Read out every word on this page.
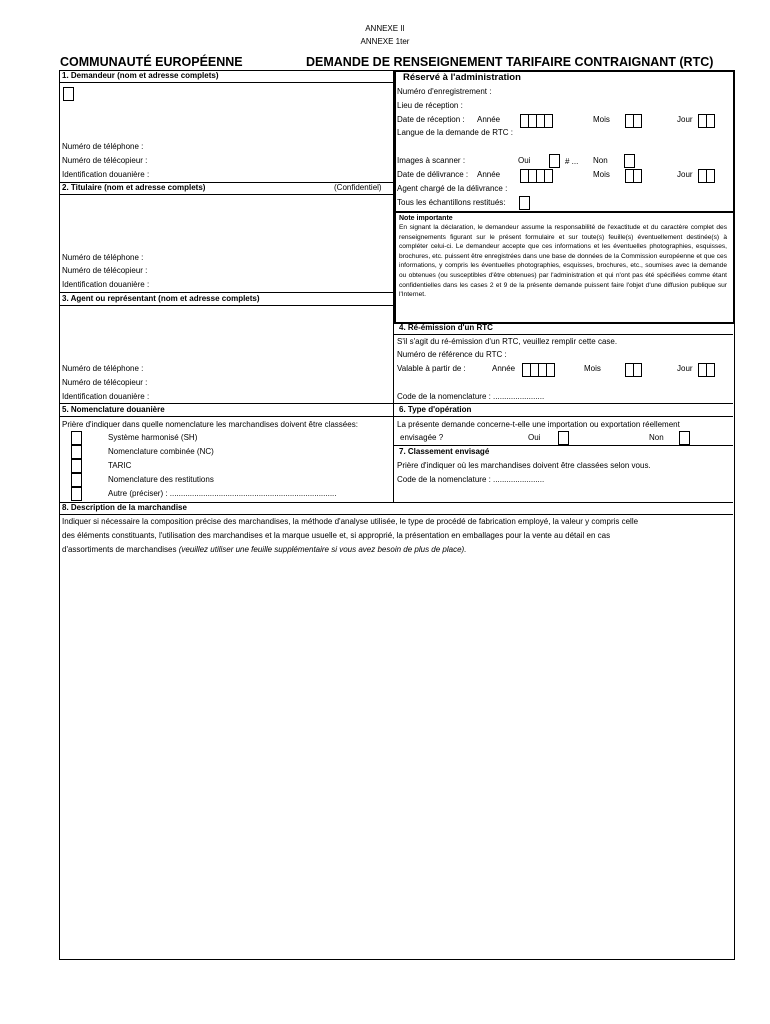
ANNEXE II
ANNEXE 1ter
COMMUNAUTÉ EUROPÉENNE	DEMANDE DE RENSEIGNEMENT TARIFAIRE CONTRAIGNANT (RTC)
1. Demandeur (nom et adresse complets)
Numéro de téléphone :
Numéro de télécopieur :
Identification douanière :
2. Titulaire (nom et adresse complets)	(Confidentiel)
Numéro de téléphone :
Numéro de télécopieur :
Identification douanière :
3. Agent ou représentant (nom et adresse complets)
Numéro de téléphone :
Numéro de télécopieur :
Identification douanière :
Réservé à l'administration
Numéro d'enregistrement :
Lieu de réception :
Date de réception : Année	Mois	Jour
Langue de la demande de RTC :
Images à scanner :	Oui	# ... Non
Date de délivrance : Année	Mois	Jour
Agent chargé de la délivrance :
Tous les échantillons restitués:
Note importante
En signant la déclaration, le demandeur assume la responsabilité de l'exactitude et du caractère complet des renseignements figurant sur le présent formulaire et sur toute(s) feuille(s) éventuellement destinée(s) à compléter celui-ci. Le demandeur accepte que ces informations et les éventuelles photographies, esquisses, brochures, etc. puissent être enregistrées dans une base de données de la Commission européenne et que ces informations, y compris les éventuelles photographies, esquisses, brochures, etc., soumises avec la demande ou obtenues (ou susceptibles d'être obtenues) par l'administration et qui n'ont pas été spécifiées comme étant confidentielles dans les cases 2 et 9 de la présente demande puissent faire l'objet d'une diffusion publique sur l'Internet.
4. Ré-émission d'un RTC
S'il s'agit du ré-émission d'un RTC, veuillez remplir cette case.
Numéro de référence du RTC :
Valable à partir de :	Année	Mois	Jour
Code de la nomenclature : .......................
5. Nomenclature douanière
Prière d'indiquer dans quelle nomenclature les marchandises doivent être classées:
Système harmonisé (SH)
Nomenclature combinée (NC)
TARIC
Nomenclature des restitutions
Autre (préciser) : ...........................................................................
6. Type d'opération
La présente demande concerne-t-elle une importation ou exportation réellement
envisagée ?	Oui	Non
7. Classement envisagé
Prière d'indiquer où les marchandises doivent être classées selon vous.
Code de la nomenclature : .......................
8. Description de la marchandise
Indiquer si nécessaire la composition précise des marchandises, la méthode d'analyse utilisée, le type de procédé de fabrication employé, la valeur y compris celle
des éléments constituants, l'utilisation des marchandises et la marque usuelle et, si approprié, la présentation en emballages pour la vente au détail en cas
d'assortiments de marchandises (veuillez utiliser une feuille supplémentaire si vous avez besoin de plus de place).
